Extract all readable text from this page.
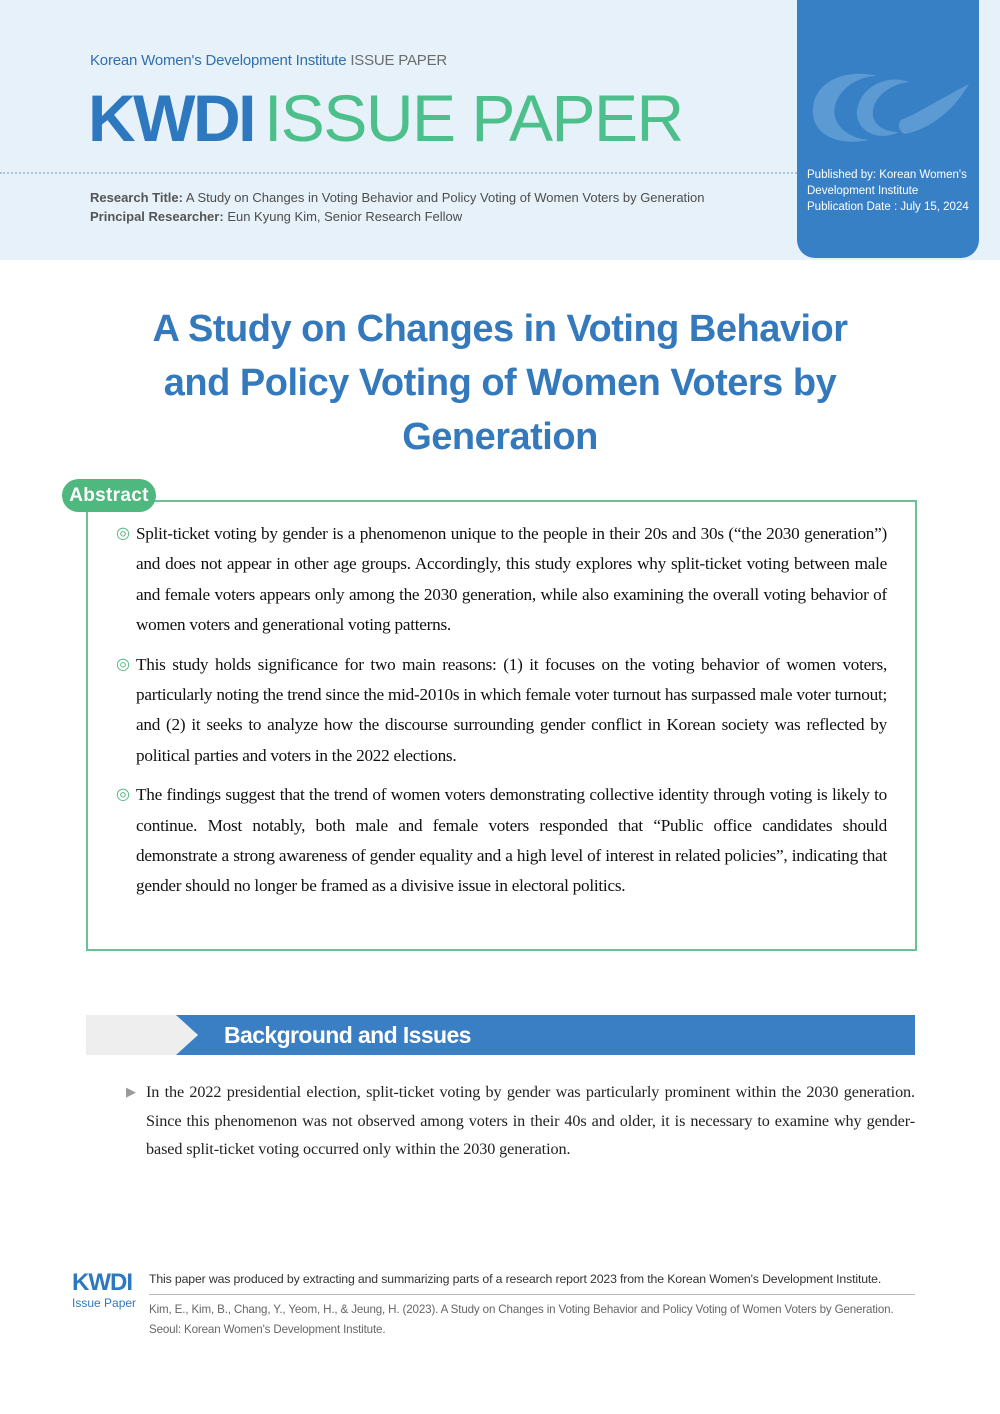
Korean Women's Development Institute ISSUE PAPER
KWDI ISSUE PAPER
Research Title: A Study on Changes in Voting Behavior and Policy Voting of Women Voters by Generation
Principal Researcher: Eun Kyung Kim, Senior Research Fellow
Published by: Korean Women's Development Institute
Publication Date : July 15, 2024
A Study on Changes in Voting Behavior
and Policy Voting of Women Voters by
Generation
Abstract

◎ Split-ticket voting by gender is a phenomenon unique to the people in their 20s and 30s (“the 2030 generation”) and does not appear in other age groups. Accordingly, this study explores why split-ticket voting between male and female voters appears only among the 2030 generation, while also examining the overall voting behavior of women voters and generational voting patterns.

◎ This study holds significance for two main reasons: (1) it focuses on the voting behavior of women voters, particularly noting the trend since the mid-2010s in which female voter turnout has surpassed male voter turnout; and (2) it seeks to analyze how the discourse surrounding gender conflict in Korean society was reflected by political parties and voters in the 2022 elections.

◎ The findings suggest that the trend of women voters demonstrating collective identity through voting is likely to continue. Most notably, both male and female voters responded that “Public office candidates should demonstrate a strong awareness of gender equality and a high level of interest in related policies”, indicating that gender should no longer be framed as a divisive issue in electoral politics.

Background and Issues

▶ In the 2022 presidential election, split-ticket voting by gender was particularly prominent within the 2030 generation. Since this phenomenon was not observed among voters in their 40s and older, it is necessary to examine why gender-based split-ticket voting occurred only within the 2030 generation.

KWDI
Issue Paper
This paper was produced by extracting and summarizing parts of a research report 2023 from the Korean Women's Development Institute.
Kim, E., Kim, B., Chang, Y., Yeom, H., & Jeung, H. (2023). A Study on Changes in Voting Behavior and Policy Voting of Women Voters by Generation.
Seoul: Korean Women's Development Institute.
